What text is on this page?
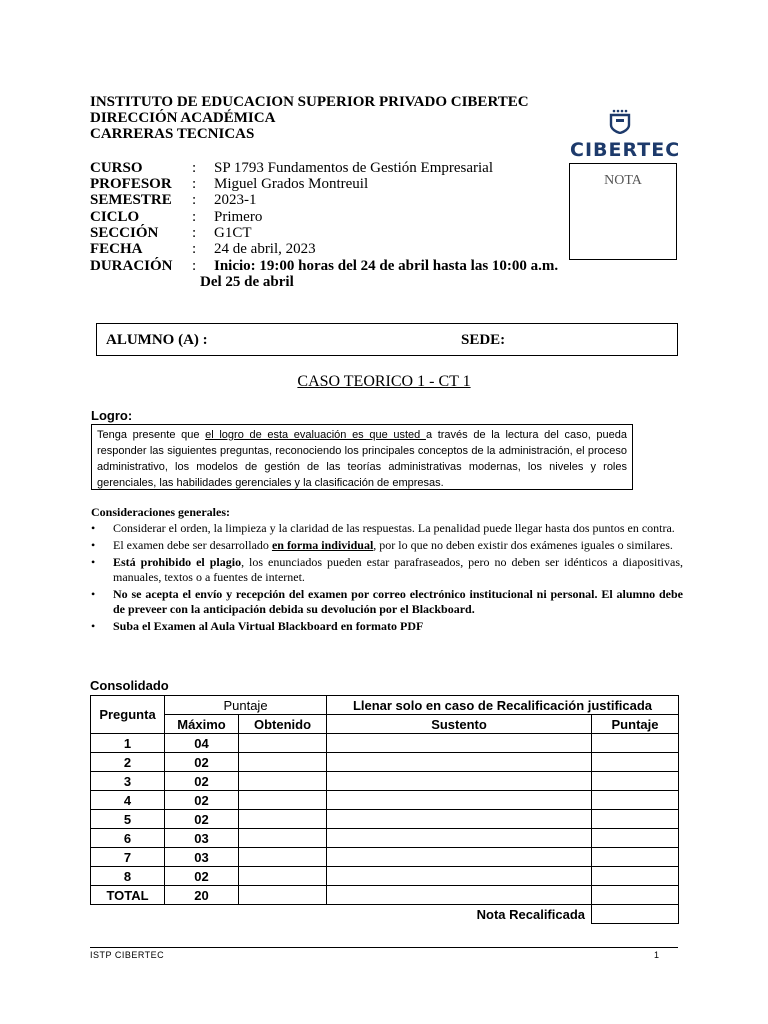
INSTITUTO DE EDUCACION SUPERIOR PRIVADO CIBERTEC
DIRECCIÓN ACADÉMICA
CARRERAS TECNICAS
CIBERTEC
NOTA
CURSO	: SP 1793 Fundamentos de Gestión Empresarial
PROFESOR : Miguel Grados Montreuil
SEMESTRE : 2023-1
CICLO	: Primero
SECCIÓN : G1CT
FECHA	: 24 de abril, 2023
DURACIÓN : Inicio: 19:00 horas del 24 de abril hasta las 10:00 a.m.
Del 25 de abril
ALUMNO (A) :	SEDE:
CASO TEORICO 1 - CT 1
Logro:
Tenga presente que el logro de esta evaluación es que usted a través de la lectura del caso, pueda responder las siguientes preguntas, reconociendo los principales conceptos de la administración, el proceso administrativo, los modelos de gestión de las teorías administrativas modernas, los niveles y roles gerenciales, las habilidades gerenciales y la clasificación de empresas.
Consideraciones generales:
• Considerar el orden, la limpieza y la claridad de las respuestas. La penalidad puede llegar hasta dos puntos en contra.
• El examen debe ser desarrollado en forma individual, por lo que no deben existir dos exámenes iguales o similares.
• Está prohibido el plagio, los enunciados pueden estar parafraseados, pero no deben ser idénticos a diapositivas, manuales, textos o a fuentes de internet.
• No se acepta el envío y recepción del examen por correo electrónico institucional ni personal. El alumno debe de preveer con la anticipación debida su devolución por el Blackboard.
• Suba el Examen al Aula Virtual Blackboard en formato PDF
Consolidado
Pregunta	Puntaje		Llenar solo en caso de Recalificación justificada	
	Máximo	Obtenido	Sustento	Puntaje
1	04			
2	02			
3	02			
4	02			
5	02			
6	03			
7	03			
8	02			
TOTAL	20			
Nota Recalificada				
ISTP CIBERTEC	1
